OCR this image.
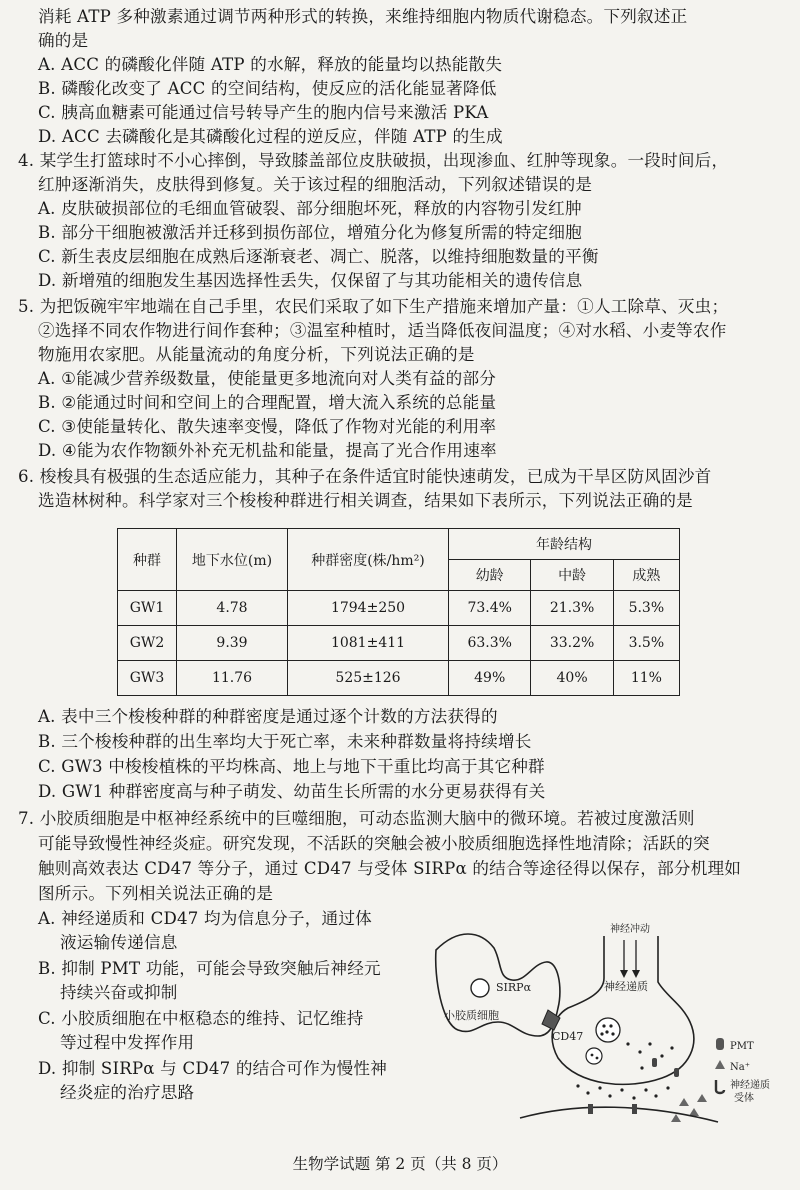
消耗 ATP 多种激素通过调节两种形式的转换，来维持细胞内物质代谢稳态。下列叙述正
确的是
A. ACC 的磷酸化伴随 ATP 的水解，释放的能量均以热能散失
B. 磷酸化改变了 ACC 的空间结构，使反应的活化能显著降低
C. 胰高血糖素可能通过信号转导产生的胞内信号来激活 PKA
D. ACC 去磷酸化是其磷酸化过程的逆反应，伴随 ATP 的生成
4. 某学生打篮球时不小心摔倒，导致膝盖部位皮肤破损，出现渗血、红肿等现象。一段时间后，
红肿逐渐消失，皮肤得到修复。关于该过程的细胞活动，下列叙述错误的是
A. 皮肤破损部位的毛细血管破裂、部分细胞坏死，释放的内容物引发红肿
B. 部分干细胞被激活并迁移到损伤部位，增殖分化为修复所需的特定细胞
C. 新生表皮层细胞在成熟后逐渐衰老、凋亡、脱落，以维持细胞数量的平衡
D. 新增殖的细胞发生基因选择性丢失，仅保留了与其功能相关的遗传信息
5. 为把饭碗牢牢地端在自己手里，农民们采取了如下生产措施来增加产量：①人工除草、灭虫；
②选择不同农作物进行间作套种；③温室种植时，适当降低夜间温度；④对水稻、小麦等农作
物施用农家肥。从能量流动的角度分析，下列说法正确的是
A. ①能减少营养级数量，使能量更多地流向对人类有益的部分
B. ②能通过时间和空间上的合理配置，增大流入系统的总能量
C. ③使能量转化、散失速率变慢，降低了作物对光能的利用率
D. ④能为农作物额外补充无机盐和能量，提高了光合作用速率
6. 梭梭具有极强的生态适应能力，其种子在条件适宜时能快速萌发，已成为干旱区防风固沙首
选造林树种。科学家对三个梭梭种群进行相关调查，结果如下表所示，下列说法正确的是
种群	地下水位(m)	种群密度(株/hm²)	年龄结构		
			幼龄	中龄	成熟
GW1	4.78	1794±250	73.4%	21.3%	5.3%
GW2	9.39	1081±411	63.3%	33.2%	3.5%
GW3	11.76	525±126	49%	40%	11%
A. 表中三个梭梭种群的种群密度是通过逐个计数的方法获得的
B. 三个梭梭种群的出生率均大于死亡率，未来种群数量将持续增长
C. GW3 中梭梭植株的平均株高、地上与地下干重比均高于其它种群
D. GW1 种群密度高与种子萌发、幼苗生长所需的水分更易获得有关
7. 小胶质细胞是中枢神经系统中的巨噬细胞，可动态监测大脑中的微环境。若被过度激活则
可能导致慢性神经炎症。研究发现，不活跃的突触会被小胶质细胞选择性地清除；活跃的突
触则高效表达 CD47 等分子，通过 CD47 与受体 SIRPα 的结合等途径得以保存，部分机理如
图所示。下列相关说法正确的是
A. 神经递质和 CD47 均为信息分子，通过体
液运输传递信息
B. 抑制 PMT 功能，可能会导致突触后神经元
持续兴奋或抑制
C. 小胶质细胞在中枢稳态的维持、记忆维持
等过程中发挥作用
D. 抑制 SIRPα 与 CD47 的结合可作为慢性神
经炎症的治疗思路
SIRPα
小胶质细胞
神经冲动
神经递质
CD47
PMT
Na⁺
神经递质
受体
生物学试题 第 2 页（共 8 页）
